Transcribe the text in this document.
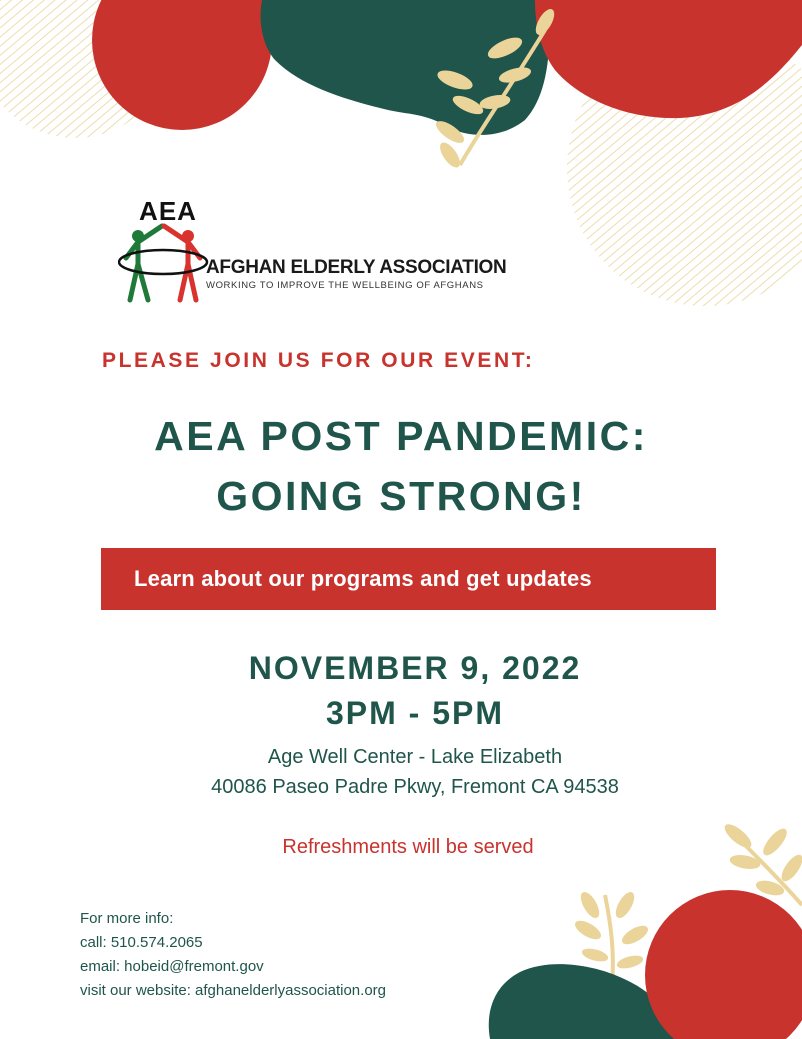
AEA
AFGHAN ELDERLY ASSOCIATION
WORKING TO IMPROVE THE WELLBEING OF AFGHANS
PLEASE JOIN US FOR OUR EVENT:
AEA POST PANDEMIC:
GOING STRONG!
Learn about our programs and get updates
NOVEMBER 9, 2022
3PM - 5PM
Age Well Center - Lake Elizabeth
40086 Paseo Padre Pkwy, Fremont CA 94538
Refreshments will be served
For more info:
call: 510.574.2065
email: hobeid@fremont.gov
visit our website: afghanelderlyassociation.org
